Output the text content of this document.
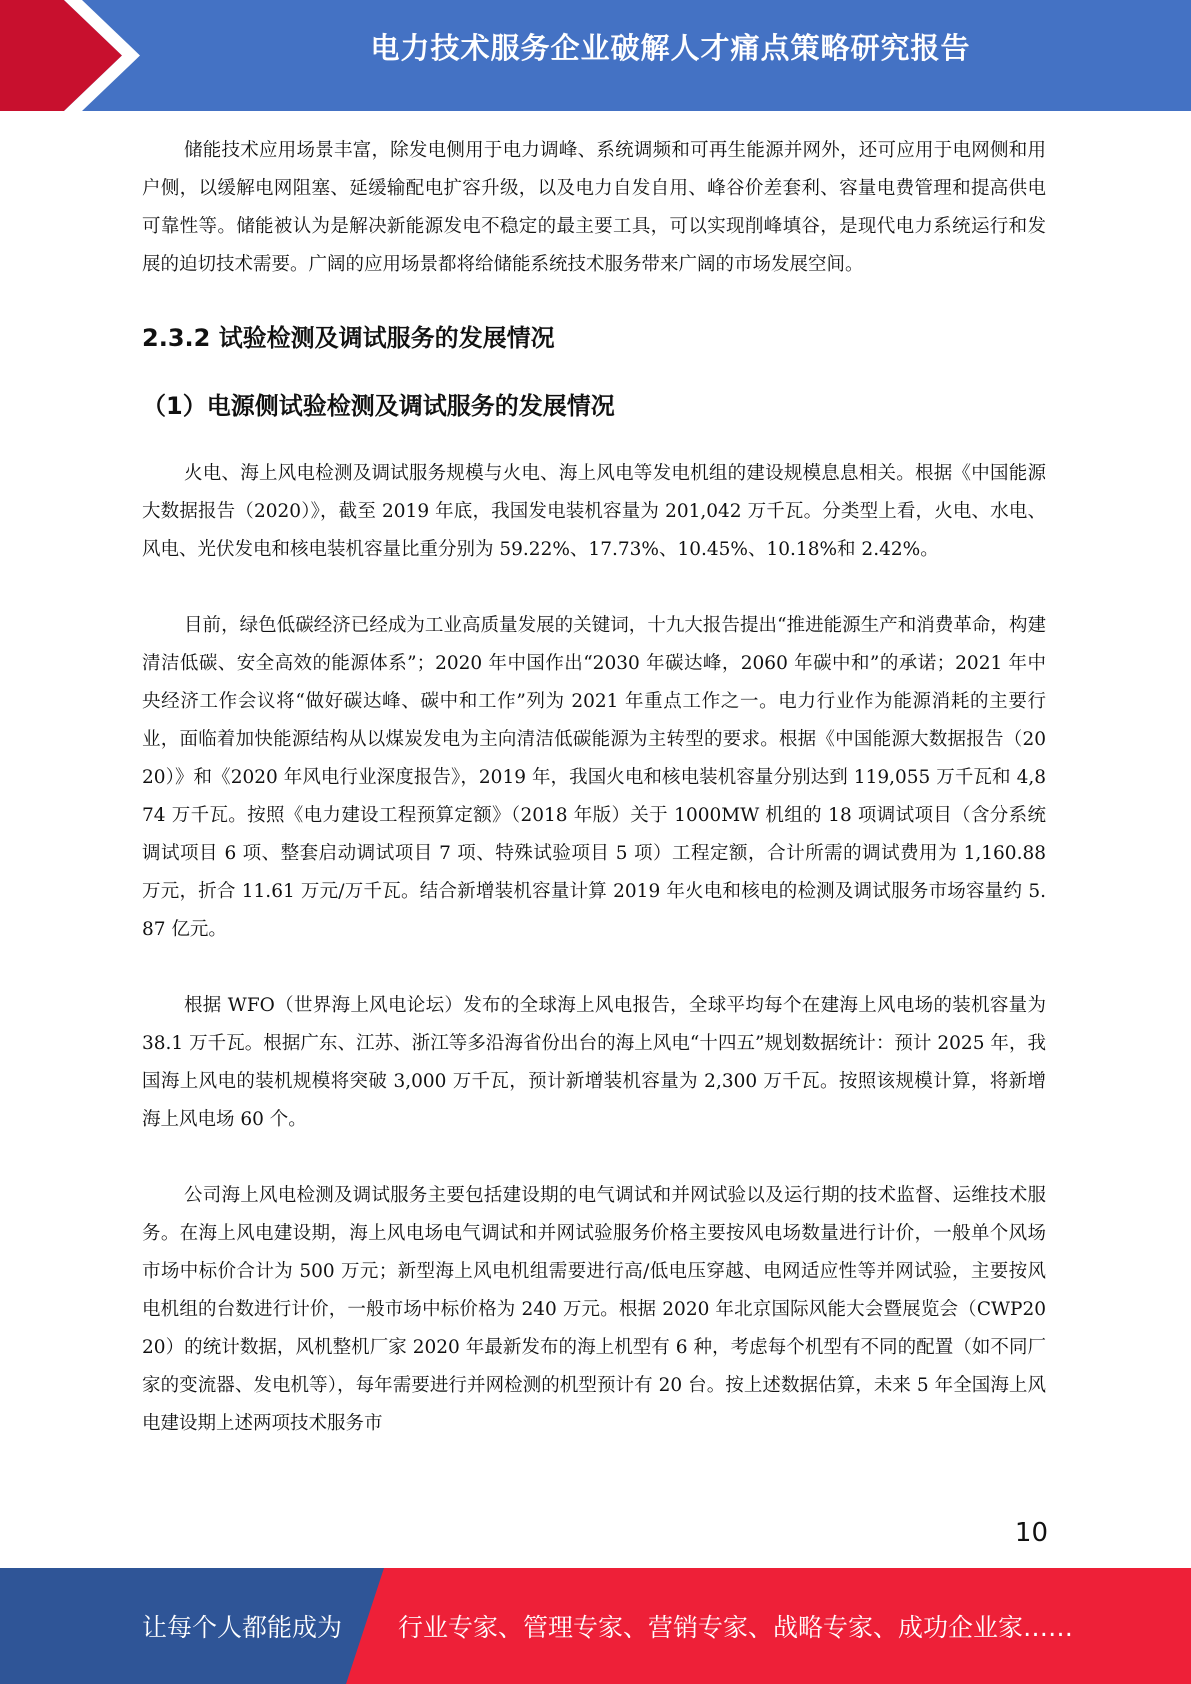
电力技术服务企业破解人才痛点策略研究报告

储能技术应用场景丰富，除发电侧用于电力调峰、系统调频和可再生能源并网外，还可应用于电网侧和用户侧，以缓解电网阻塞、延缓输配电扩容升级，以及电力自发自用、峰谷价差套利、容量电费管理和提高供电可靠性等。储能被认为是解决新能源发电不稳定的最主要工具，可以实现削峰填谷，是现代电力系统运行和发展的迫切技术需要。广阔的应用场景都将给储能系统技术服务带来广阔的市场发展空间。

2.3.2 试验检测及调试服务的发展情况
（1）电源侧试验检测及调试服务的发展情况

火电、海上风电检测及调试服务规模与火电、海上风电等发电机组的建设规模息息相关。根据《中国能源大数据报告（2020）》，截至 2019 年底，我国发电装机容量为 201,042 万千瓦。分类型上看，火电、水电、风电、光伏发电和核电装机容量比重分别为 59.22%、17.73%、10.45%、10.18%和 2.42%。

目前，绿色低碳经济已经成为工业高质量发展的关键词，十九大报告提出“推进能源生产和消费革命，构建清洁低碳、安全高效的能源体系”；2020 年中国作出“2030 年碳达峰，2060 年碳中和”的承诺；2021 年中央经济工作会议将“做好碳达峰、碳中和工作”列为 2021 年重点工作之一。电力行业作为能源消耗的主要行业，面临着加快能源结构从以煤炭发电为主向清洁低碳能源为主转型的要求。根据《中国能源大数据报告（2020）》和《2020 年风电行业深度报告》，2019 年，我国火电和核电装机容量分别达到 119,055 万千瓦和 4,874 万千瓦。按照《电力建设工程预算定额》（2018 年版）关于 1000MW 机组的 18 项调试项目（含分系统调试项目 6 项、整套启动调试项目 7 项、特殊试验项目 5 项）工程定额，合计所需的调试费用为 1,160.88 万元，折合 11.61 万元/万千瓦。结合新增装机容量计算 2019 年火电和核电的检测及调试服务市场容量约 5.87 亿元。

根据 WFO（世界海上风电论坛）发布的全球海上风电报告，全球平均每个在建海上风电场的装机容量为 38.1 万千瓦。根据广东、江苏、浙江等多沿海省份出台的海上风电“十四五”规划数据统计：预计 2025 年，我国海上风电的装机规模将突破 3,000 万千瓦，预计新增装机容量为 2,300 万千瓦。按照该规模计算，将新增海上风电场 60 个。

公司海上风电检测及调试服务主要包括建设期的电气调试和并网试验以及运行期的技术监督、运维技术服务。在海上风电建设期，海上风电场电气调试和并网试验服务价格主要按风电场数量进行计价，一般单个风场市场中标价合计为 500 万元；新型海上风电机组需要进行高/低电压穿越、电网适应性等并网试验，主要按风电机组的台数进行计价，一般市场中标价格为 240 万元。根据 2020 年北京国际风能大会暨展览会（CWP2020）的统计数据，风机整机厂家 2020 年最新发布的海上机型有 6 种，考虑每个机型有不同的配置（如不同厂家的变流器、发电机等），每年需要进行并网检测的机型预计有 20 台。按上述数据估算，未来 5 年全国海上风电建设期上述两项技术服务市

10
让每个人都能成为 行业专家、管理专家、营销专家、战略专家、成功企业家……
